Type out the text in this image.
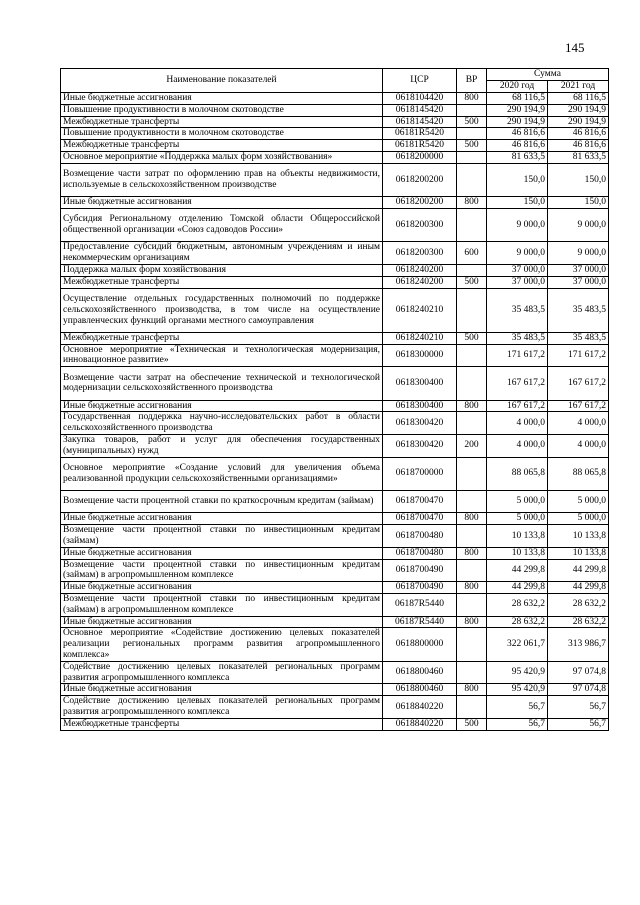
145
Наименование показателей	ЦСР	ВР	Сумма	
			2020 год	2021 год
Иные бюджетные ассигнования	0618104420	800	68 116,5	68 116,5
Повышение продуктивности в молочном скотоводстве	0618145420		290 194,9	290 194,9
Межбюджетные трансферты	0618145420	500	290 194,9	290 194,9
Повышение продуктивности в молочном скотоводстве	06181R5420		46 816,6	46 816,6
Межбюджетные трансферты	06181R5420	500	46 816,6	46 816,6
Основное мероприятие «Поддержка малых форм хозяйствования»	0618200000		81 633,5	81 633,5
Возмещение части затрат по оформлению прав на объекты недвижимости, используемые в сельскохозяйственном производстве	0618200200		150,0	150,0
Иные бюджетные ассигнования	0618200200	800	150,0	150,0
Субсидия Региональному отделению Томской области Общероссийской общественной организации «Союз садоводов России»	0618200300		9 000,0	9 000,0
Предоставление субсидий бюджетным, автономным учреждениям и иным некоммерческим организациям	0618200300	600	9 000,0	9 000,0
Поддержка малых форм хозяйствования	0618240200		37 000,0	37 000,0
Межбюджетные трансферты	0618240200	500	37 000,0	37 000,0
Осуществление отдельных государственных полномочий по поддержке сельскохозяйственного производства, в том числе на осуществление управленческих функций органами местного самоуправления	0618240210		35 483,5	35 483,5
Межбюджетные трансферты	0618240210	500	35 483,5	35 483,5
Основное мероприятие «Техническая и технологическая модернизация, инновационное развитие»	0618300000		171 617,2	171 617,2
Возмещение части затрат на обеспечение технической и технологической модернизации сельскохозяйственного производства	0618300400		167 617,2	167 617,2
Иные бюджетные ассигнования	0618300400	800	167 617,2	167 617,2
Государственная поддержка научно-исследовательских работ в области сельскохозяйственного производства	0618300420		4 000,0	4 000,0
Закупка товаров, работ и услуг для обеспечения государственных (муниципальных) нужд	0618300420	200	4 000,0	4 000,0
Основное мероприятие «Создание условий для увеличения объема реализованной продукции сельскохозяйственными организациями»	0618700000		88 065,8	88 065,8
Возмещение части процентной ставки по краткосрочным кредитам (займам)	0618700470		5 000,0	5 000,0
Иные бюджетные ассигнования	0618700470	800	5 000,0	5 000,0
Возмещение части процентной ставки по инвестиционным кредитам (займам)	0618700480		10 133,8	10 133,8
Иные бюджетные ассигнования	0618700480	800	10 133,8	10 133,8
Возмещение части процентной ставки по инвестиционным кредитам (займам) в агропромышленном комплексе	0618700490		44 299,8	44 299,8
Иные бюджетные ассигнования	0618700490	800	44 299,8	44 299,8
Возмещение части процентной ставки по инвестиционным кредитам (займам) в агропромышленном комплексе	06187R5440		28 632,2	28 632,2
Иные бюджетные ассигнования	06187R5440	800	28 632,2	28 632,2
Основное мероприятие «Содействие достижению целевых показателей реализации региональных программ развития агропромышленного комплекса»	0618800000		322 061,7	313 986,7
Содействие достижению целевых показателей региональных программ развития агропромышленного комплекса	0618800460		95 420,9	97 074,8
Иные бюджетные ассигнования	0618800460	800	95 420,9	97 074,8
Содействие достижению целевых показателей региональных программ развития агропромышленного комплекса	0618840220		56,7	56,7
Межбюджетные трансферты	0618840220	500	56,7	56,7
